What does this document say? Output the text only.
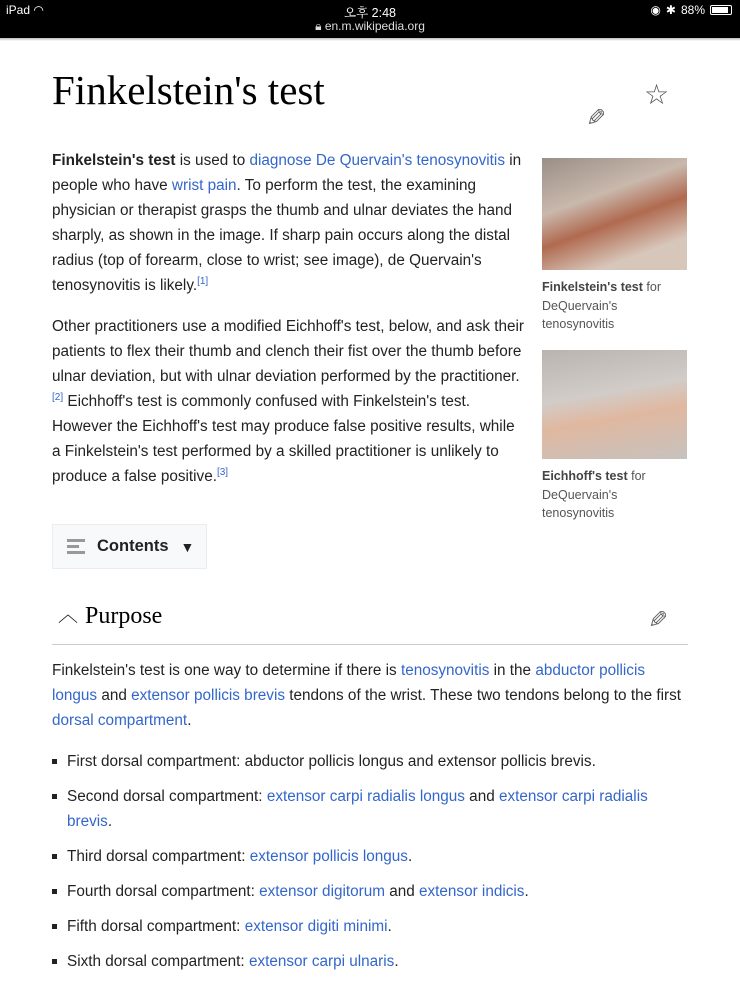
iPad ◠	오후 2:48
🔒︎ en.m.wikipedia.org
◉ ✱ 88%
Finkelstein's test	☆
✎

Finkelstein's test is used to diagnose De Quervain's tenosynovitis in people who have wrist pain. To perform the test, the examining physician or therapist grasps the thumb and ulnar deviates the hand sharply, as shown in the image. If sharp pain occurs along the distal radius (top of forearm, close to wrist; see image), de Quervain's tenosynovitis is likely.[1]

Other practitioners use a modified Eichhoff's test, below, and ask their patients to flex their thumb and clench their fist over the thumb before ulnar deviation, but with ulnar deviation performed by the practitioner.[2] Eichhoff's test is commonly confused with Finkelstein's test. However the Eichhoff's test may produce false positive results, while a Finkelstein's test performed by a skilled practitioner is unlikely to produce a false positive.[3]

Finkelstein's test for DeQuervain's tenosynovitis
Eichhoff's test for DeQuervain's tenosynovitis
Contents ▼
︿ Purpose	✎

Finkelstein's test is one way to determine if there is tenosynovitis in the abductor pollicis longus and extensor pollicis brevis tendons of the wrist. These two tendons belong to the first dorsal compartment.

First dorsal compartment: abductor pollicis longus and extensor pollicis brevis.
Second dorsal compartment: extensor carpi radialis longus and extensor carpi radialis brevis.
Third dorsal compartment: extensor pollicis longus.
Fourth dorsal compartment: extensor digitorum and extensor indicis.
Fifth dorsal compartment: extensor digiti minimi.
Sixth dorsal compartment: extensor carpi ulnaris.
